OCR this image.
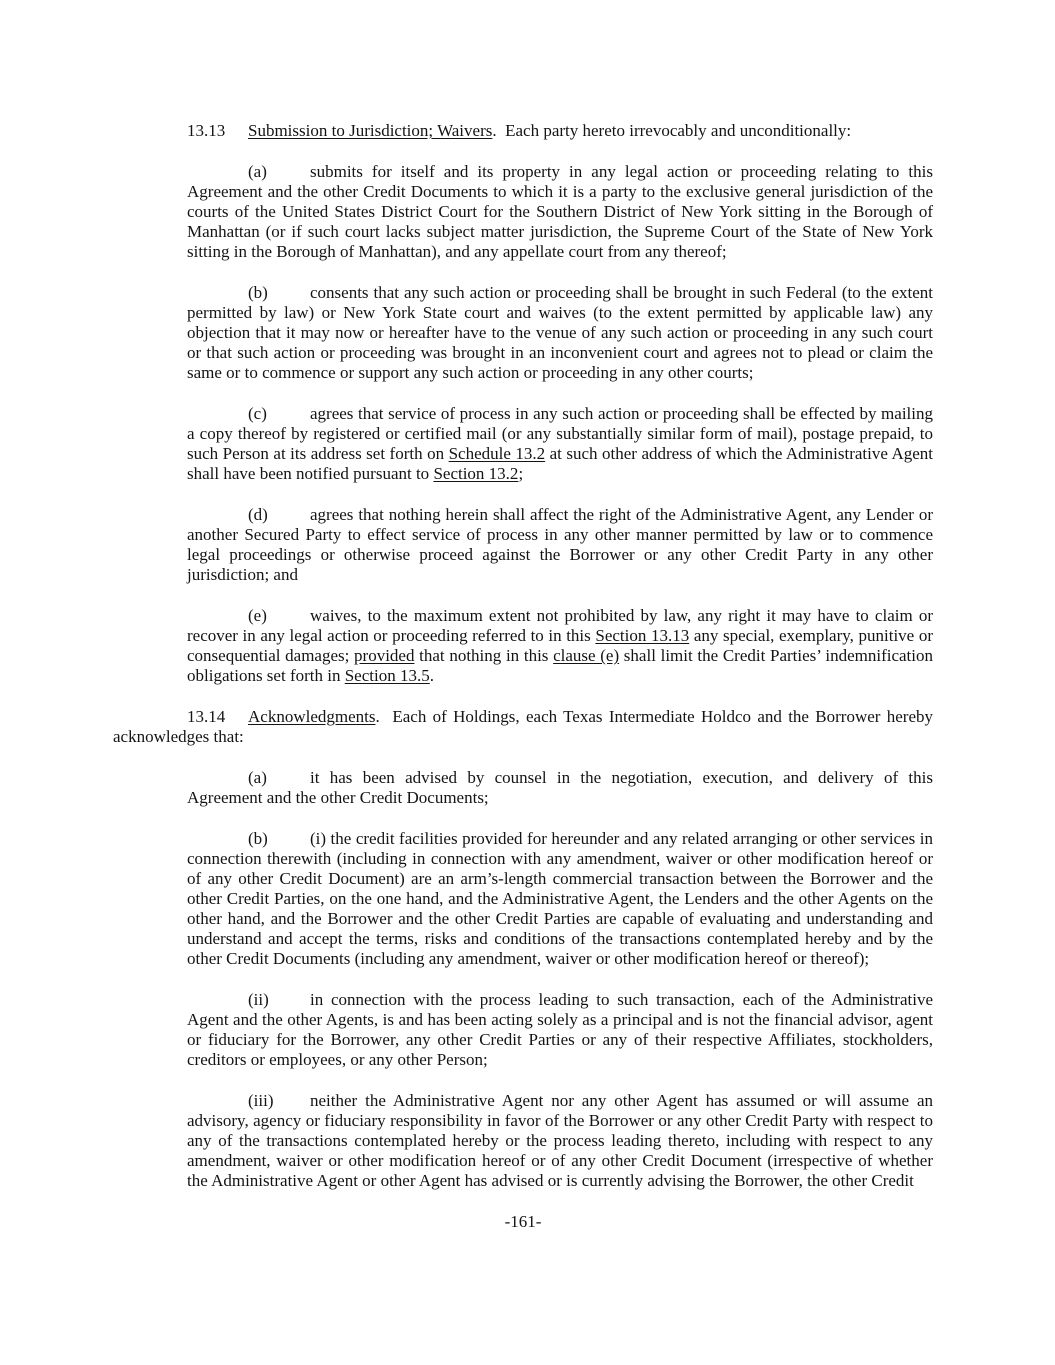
13.13 Submission to Jurisdiction; Waivers.  Each party hereto irrevocably and unconditionally:

(a)	submits for itself and its property in any legal action or proceeding relating to this Agreement and the other Credit Documents to which it is a party to the exclusive general jurisdiction of the courts of the United States District Court for the Southern District of New York sitting in the Borough of Manhattan (or if such court lacks subject matter jurisdiction, the Supreme Court of the State of New York sitting in the Borough of Manhattan), and any appellate court from any thereof;

(b) consents that any such action or proceeding shall be brought in such Federal (to the extent permitted by law) or New York State court and waives (to the extent permitted by applicable law) any objection that it may now or hereafter have to the venue of any such action or proceeding in any such court or that such action or proceeding was brought in an inconvenient court and agrees not to plead or claim the same or to commence or support any such action or proceeding in any other courts;

(c)	agrees that service of process in any such action or proceeding shall be effected by mailing a copy thereof by registered or certified mail (or any substantially similar form of mail), postage prepaid, to such Person at its address set forth on Schedule 13.2 at such other address of which the Administrative Agent shall have been notified pursuant to Section 13.2;

(d) agrees that nothing herein shall affect the right of the Administrative Agent, any Lender or another Secured Party to effect service of process in any other manner permitted by law or to commence legal proceedings or otherwise proceed against the Borrower or any other Credit Party in any other jurisdiction; and

(e)	waives, to the maximum extent not prohibited by law, any right it may have to claim or recover in any legal action or proceeding referred to in this Section 13.13 any special, exemplary, punitive or consequential damages; provided that nothing in this clause (e) shall limit the Credit Parties’ indemnification obligations set forth in Section 13.5.

13.14 Acknowledgments.  Each of Holdings, each Texas Intermediate Holdco and the Borrower hereby acknowledges that:

(a)	it has been advised by counsel in the negotiation, execution, and delivery of this Agreement and the other Credit Documents;

(b) (i) the credit facilities provided for hereunder and any related arranging or other services in connection therewith (including in connection with any amendment, waiver or other modification hereof or of any other Credit Document) are an arm’s-length commercial transaction between the Borrower and the other Credit Parties, on the one hand, and the Administrative Agent, the Lenders and the other Agents on the other hand, and the Borrower and the other Credit Parties are capable of evaluating and understanding and understand and accept the terms, risks and conditions of the transactions contemplated hereby and by the other Credit Documents (including any amendment, waiver or other modification hereof or thereof);

(ii) in connection with the process leading to such transaction, each of the Administrative Agent and the other Agents, is and has been acting solely as a principal and is not the financial advisor, agent or fiduciary for the Borrower, any other Credit Parties or any of their respective Affiliates, stockholders, creditors or employees, or any other Person;

(iii) neither the Administrative Agent nor any other Agent has assumed or will assume an advisory, agency or fiduciary responsibility in favor of the Borrower or any other Credit Party with respect to any of the transactions contemplated hereby or the process leading thereto, including with respect to any amendment, waiver or other modification hereof or of any other Credit Document (irrespective of whether the Administrative Agent or other Agent has advised or is currently advising the Borrower, the other Credit

-161-
